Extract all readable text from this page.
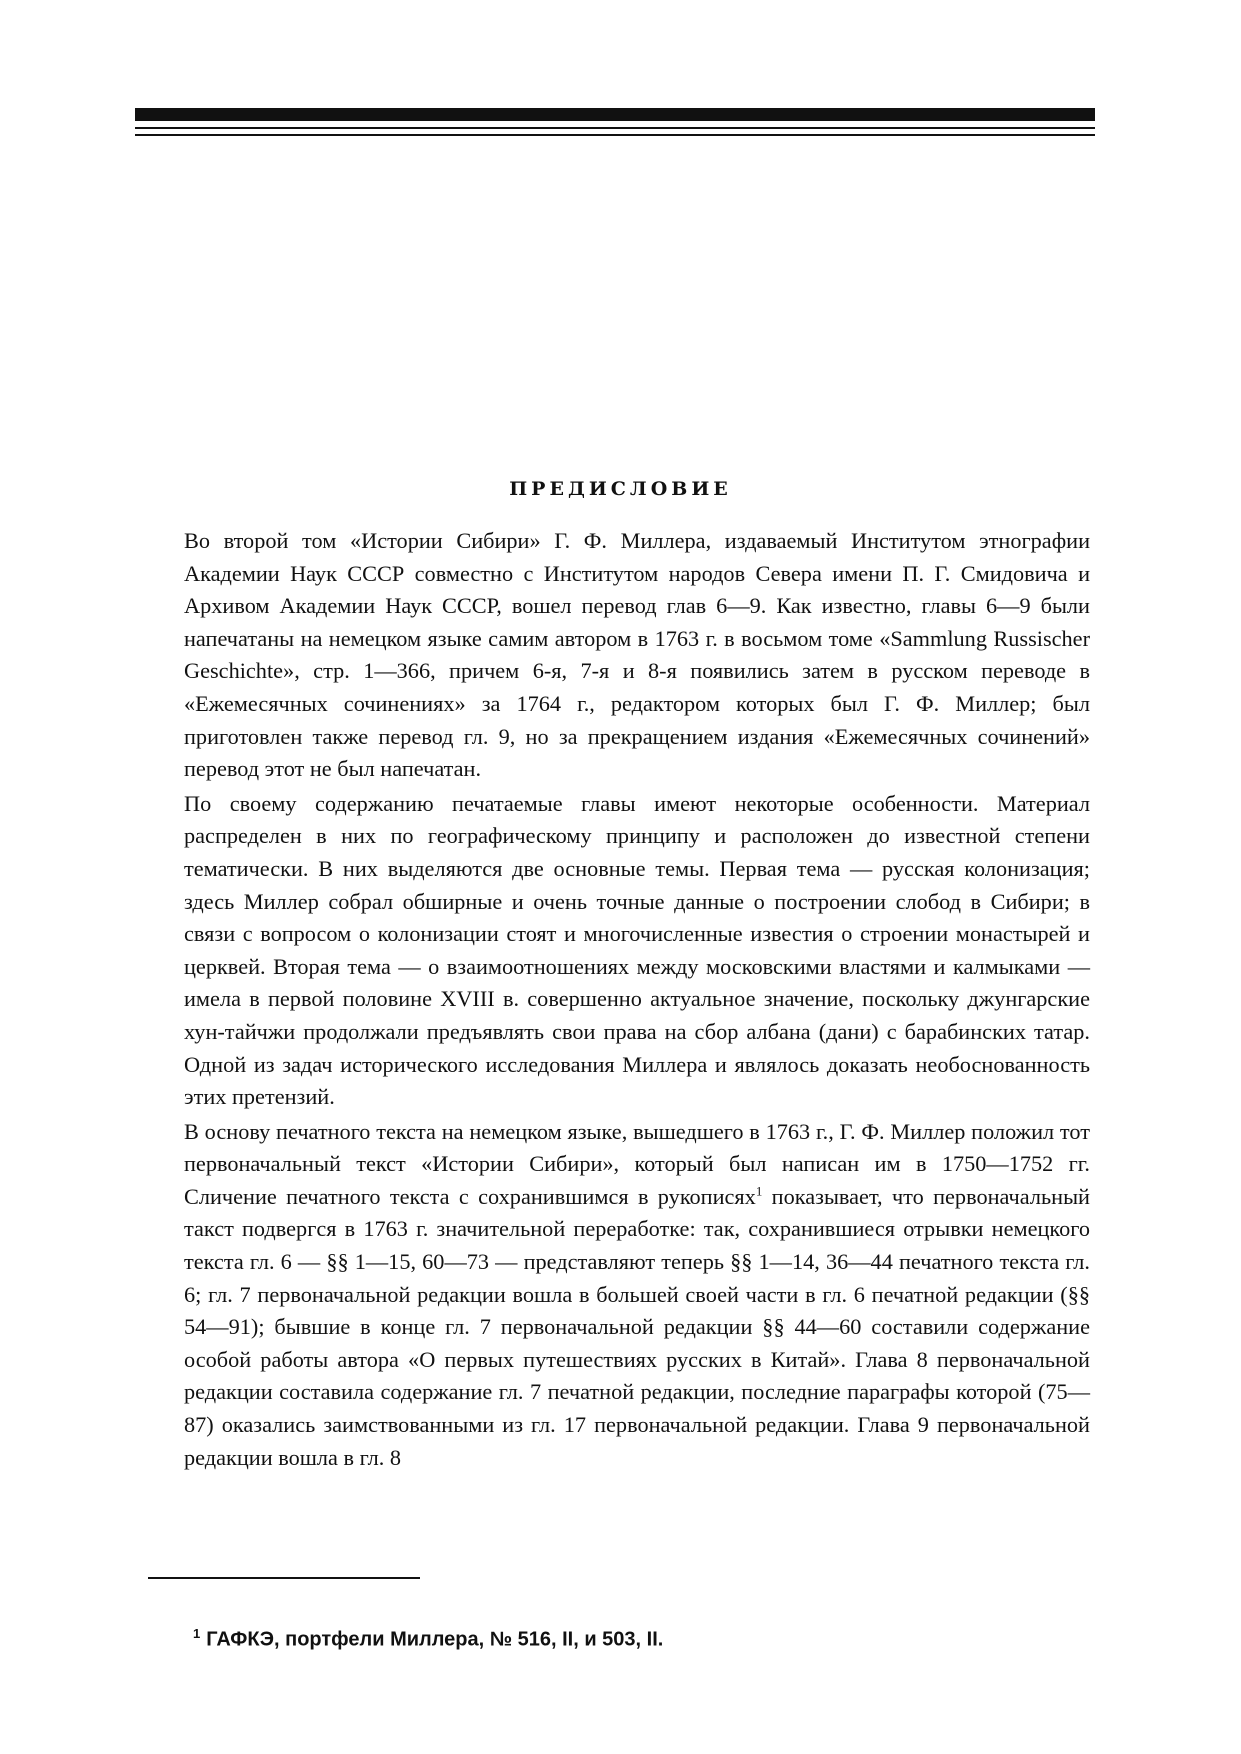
ПРЕДИСЛОВИЕ

Во второй том «Истории Сибири» Г. Ф. Миллера, издаваемый Институтом этнографии Академии Наук СССР совместно с Институтом народов Севера имени П. Г. Смидовича и Архивом Академии Наук СССР, вошел перевод глав 6—9. Как известно, главы 6—9 были напечатаны на немецком языке самим автором в 1763 г. в восьмом томе «Sammlung Russischer Geschichte», стр. 1—366, причем 6-я, 7-я и 8-я появились затем в русском переводе в «Ежемесячных сочинениях» за 1764 г., редактором которых был Г. Ф. Миллер; был приготовлен также перевод гл. 9, но за прекращением издания «Ежемесячных сочинений» перевод этот не был напечатан.

По своему содержанию печатаемые главы имеют некоторые особенности. Материал распределен в них по географическому принципу и расположен до известной степени тематически. В них выделяются две основные темы. Первая тема — русская колонизация; здесь Миллер собрал обширные и очень точные данные о построении слобод в Сибири; в связи с вопросом о колонизации стоят и многочисленные известия о строении монастырей и церквей. Вторая тема — о взаимоотношениях между московскими властями и калмыками — имела в первой половине XVIII в. совершенно актуальное значение, поскольку джунгарские хун-тайчжи продолжали предъявлять свои права на сбор албана (дани) с барабинских татар. Одной из задач исторического исследования Миллера и являлось доказать необоснованность этих претензий.

В основу печатного текста на немецком языке, вышедшего в 1763 г., Г. Ф. Миллер положил тот первоначальный текст «Истории Сибири», который был написан им в 1750—1752 гг. Сличение печатного текста с сохранившимся в рукописях$^1$ показывает, что первоначальный такст подвергся в 1763 г. значительной переработке: так, сохранившиеся отрывки немецкого текста гл. 6 — §§ 1—15, 60—73 — представляют теперь §§ 1—14, 36—44 печатного текста гл. 6; гл. 7 первоначальной редакции вошла в большей своей части в гл. 6 печатной редакции (§§ 54—91); бывшие в конце гл. 7 первоначальной редакции §§ 44—60 составили содержание особой работы автора «О первых путешествиях русских в Китай». Глава 8 первоначальной редакции составила содержание гл. 7 печатной редакции, последние параграфы которой (75—87) оказались заимствованными из гл. 17 первоначальной редакции. Глава 9 первоначальной редакции вошла в гл. 8

$^1$ ГАФКЭ, портфели Миллера, № 516, II, и 503, II.
